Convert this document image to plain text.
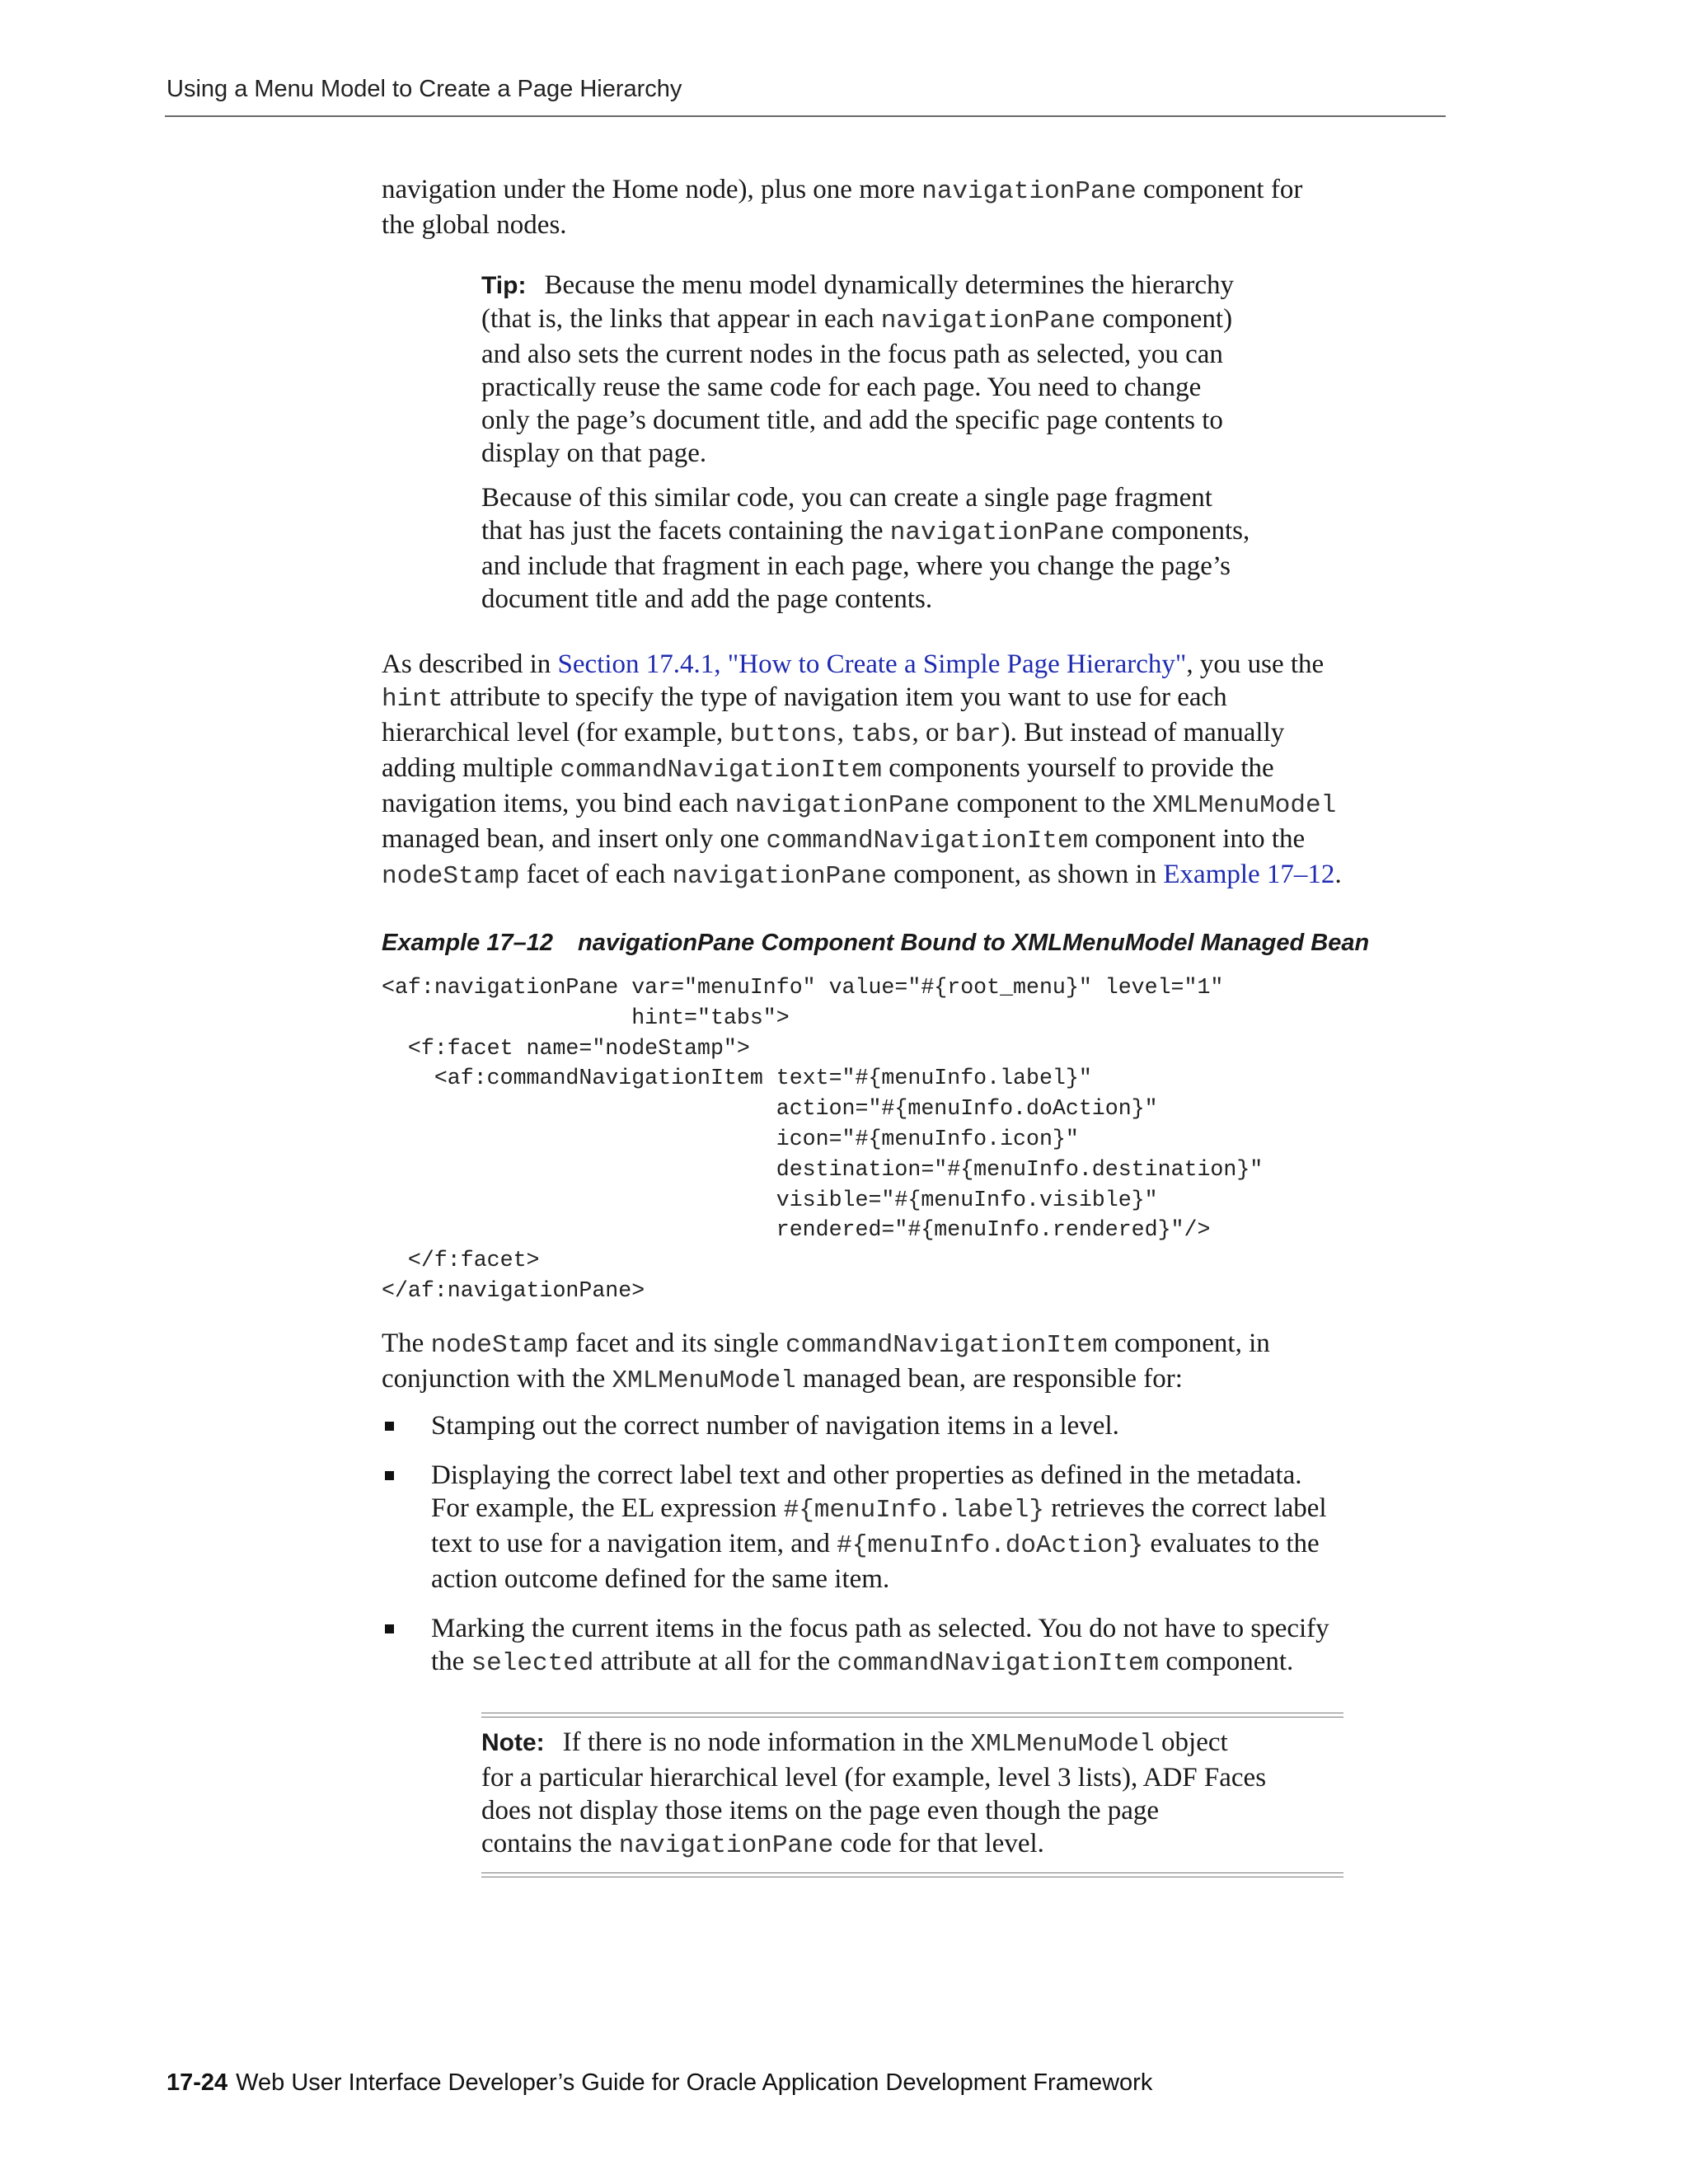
Using a Menu Model to Create a Page Hierarchy

navigation under the Home node), plus one more navigationPane component for
the global nodes.

Tip: Because the menu model dynamically determines the hierarchy
(that is, the links that appear in each navigationPane component)
and also sets the current nodes in the focus path as selected, you can
practically reuse the same code for each page. You need to change
only the page’s document title, and add the specific page contents to
display on that page.

Because of this similar code, you can create a single page fragment
that has just the facets containing the navigationPane components,
and include that fragment in each page, where you change the page’s
document title and add the page contents.

As described in Section 17.4.1, "How to Create a Simple Page Hierarchy", you use the
hint attribute to specify the type of navigation item you want to use for each
hierarchical level (for example, buttons, tabs, or bar). But instead of manually
adding multiple commandNavigationItem components yourself to provide the
navigation items, you bind each navigationPane component to the XMLMenuModel
managed bean, and insert only one commandNavigationItem component into the
nodeStamp facet of each navigationPane component, as shown in Example 17–12.

Example 17–12 navigationPane Component Bound to XMLMenuModel Managed Bean
<af:navigationPane var="menuInfo" value="#{root_menu}" level="1"
hint="tabs">
<f:facet name="nodeStamp">
<af:commandNavigationItem text="#{menuInfo.label}"
action="#{menuInfo.doAction}"
icon="#{menuInfo.icon}"
destination="#{menuInfo.destination}"
visible="#{menuInfo.visible}"
rendered="#{menuInfo.rendered}"/>
</f:facet>
</af:navigationPane>

The nodeStamp facet and its single commandNavigationItem component, in
conjunction with the XMLMenuModel managed bean, are responsible for:

Stamping out the correct number of navigation items in a level.
Displaying the correct label text and other properties as defined in the metadata.
For example, the EL expression #{menuInfo.label} retrieves the correct label
text to use for a navigation item, and #{menuInfo.doAction} evaluates to the
action outcome defined for the same item.
Marking the current items in the focus path as selected. You do not have to specify
the selected attribute at all for the commandNavigationItem component.

Note: If there is no node information in the XMLMenuModel object
for a particular hierarchical level (for example, level 3 lists), ADF Faces
does not display those items on the page even though the page
contains the navigationPane code for that level.

17-24 Web User Interface Developer’s Guide for Oracle Application Development Framework
